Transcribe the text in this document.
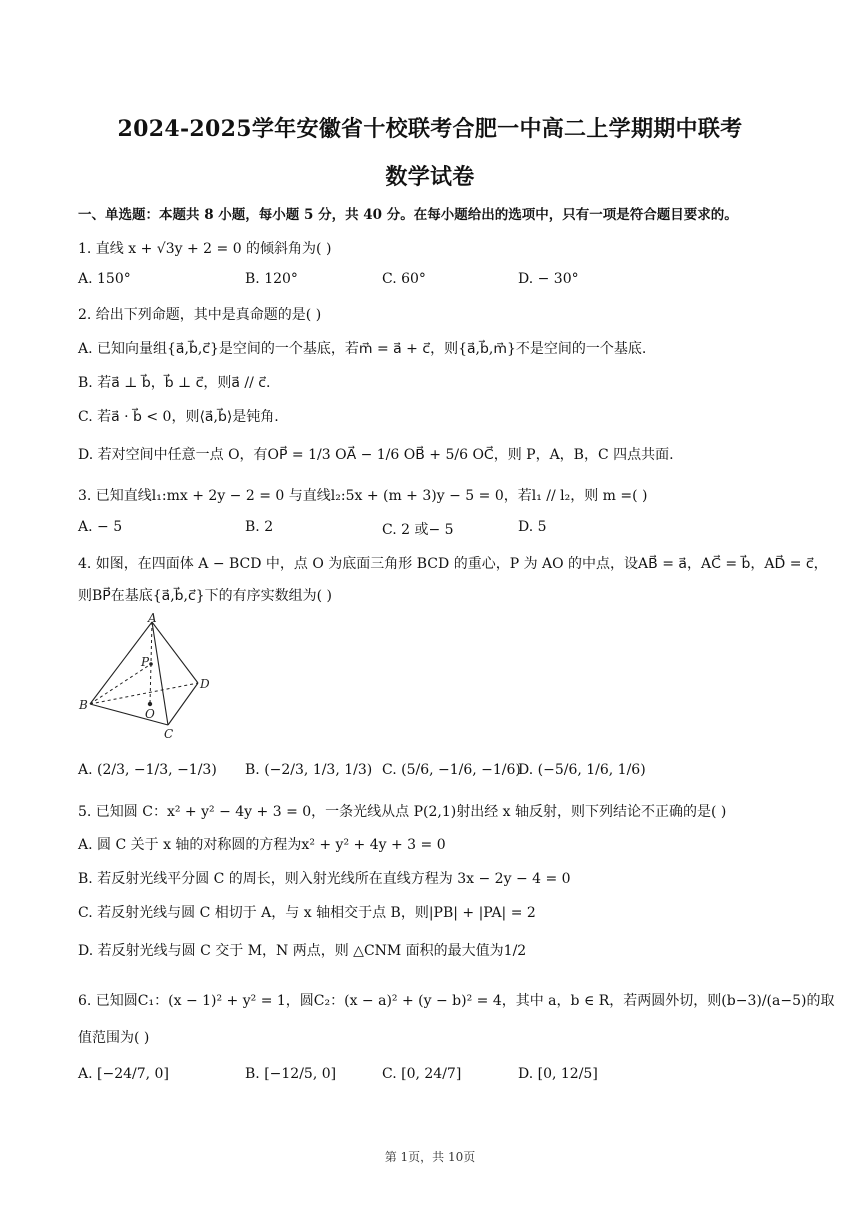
2024-2025学年安徽省十校联考合肥一中高二上学期期中联考
数学试卷
一、单选题：本题共 8 小题，每小题 5 分，共 40 分。在每小题给出的选项中，只有一项是符合题目要求的。
1. 直线 x + √3y + 2 = 0 的倾斜角为( )
A. 150°	B. 120°	C. 60°	D. − 30°
2. 给出下列命题，其中是真命题的是( )
A. 已知向量组{a⃗,b⃗,c⃗}是空间的一个基底，若m⃗ = a⃗ + c⃗，则{a⃗,b⃗,m⃗}不是空间的一个基底.
B. 若a⃗ ⊥ b⃗，b⃗ ⊥ c⃗，则a⃗ // c⃗.
C. 若a⃗ · b⃗ < 0，则⟨a⃗,b⃗⟩是钝角.
D. 若对空间中任意一点 O，有OP⃗ = 1/3 OA⃗ − 1/6 OB⃗ + 5/6 OC⃗，则 P，A，B，C 四点共面.
3. 已知直线l₁:mx + 2y − 2 = 0 与直线l₂:5x + (m + 3)y − 5 = 0，若l₁ // l₂，则 m =( )
A. − 5	B. 2	C. 2 或− 5	D. 5
4. 如图，在四面体 A − BCD 中，点 O 为底面三角形 BCD 的重心，P 为 AO 的中点，设AB⃗ = a⃗，AC⃗ = b⃗，AD⃗ = c⃗，
则BP⃗在基底{a⃗,b⃗,c⃗}下的有序实数组为( )
A
P
D
B
O
C
A. (2/3, −1/3, −1/3) B. (−2/3, 1/3, 1/3) C. (5/6, −1/6, −1/6)
D. (−5/6, 1/6, 1/6)
5. 已知圆 C：x² + y² − 4y + 3 = 0，一条光线从点 P(2,1)射出经 x 轴反射，则下列结论不正确的是( )
A. 圆 C 关于 x 轴的对称圆的方程为x² + y² + 4y + 3 = 0
B. 若反射光线平分圆 C 的周长，则入射光线所在直线方程为 3x − 2y − 4 = 0
C. 若反射光线与圆 C 相切于 A，与 x 轴相交于点 B，则|PB| + |PA| = 2
D. 若反射光线与圆 C 交于 M，N 两点，则 △CNM 面积的最大值为1/2
6. 已知圆C₁：(x − 1)² + y² = 1，圆C₂：(x − a)² + (y − b)² = 4，其中 a，b ∈ R，若两圆外切，则(b−3)/(a−5)的取
值范围为( )
A. [−24/7, 0]	B. [−12/5, 0]	C. [0, 24/7]	D. [0, 12/5]
第 1页，共 10页
